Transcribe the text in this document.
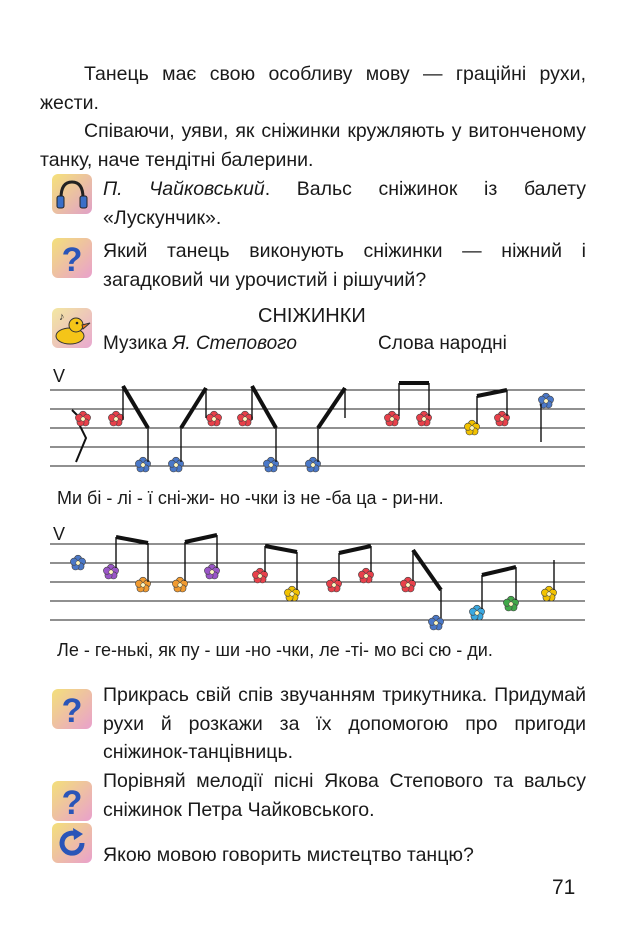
Танець має свою особливу мову — граційні рухи, жести.

Співаючи, уяви, як сніжинки кружляють у витонченому танку, наче тендітні балерини.

П. Чайковський. Вальс сніжинок із балету «Лускунчик».

? Який танець виконують сніжинки — ніжний і загадковий чи урочистий і рішучий?

♪	СНІЖИНКИ
Музика Я. Степового	Слова народні
V
V
Ми бі - лі - ї сні-жи- но -чки із не -ба ца - ри-ни.
Ле - ге-нькі, як пу - ши -но -чки, ле -ті- мо всі сю - ди.
? Прикрась свій спів звучанням трикутника. Придумай рухи й розкажи за їх допомогою про пригоди сніжинок-танцівниць.

?

Порівняй мелодії пісні Якова Степового та вальсу сніжинок Петра Чайковського.

Якою мовою говорить мистецтво танцю?

71
